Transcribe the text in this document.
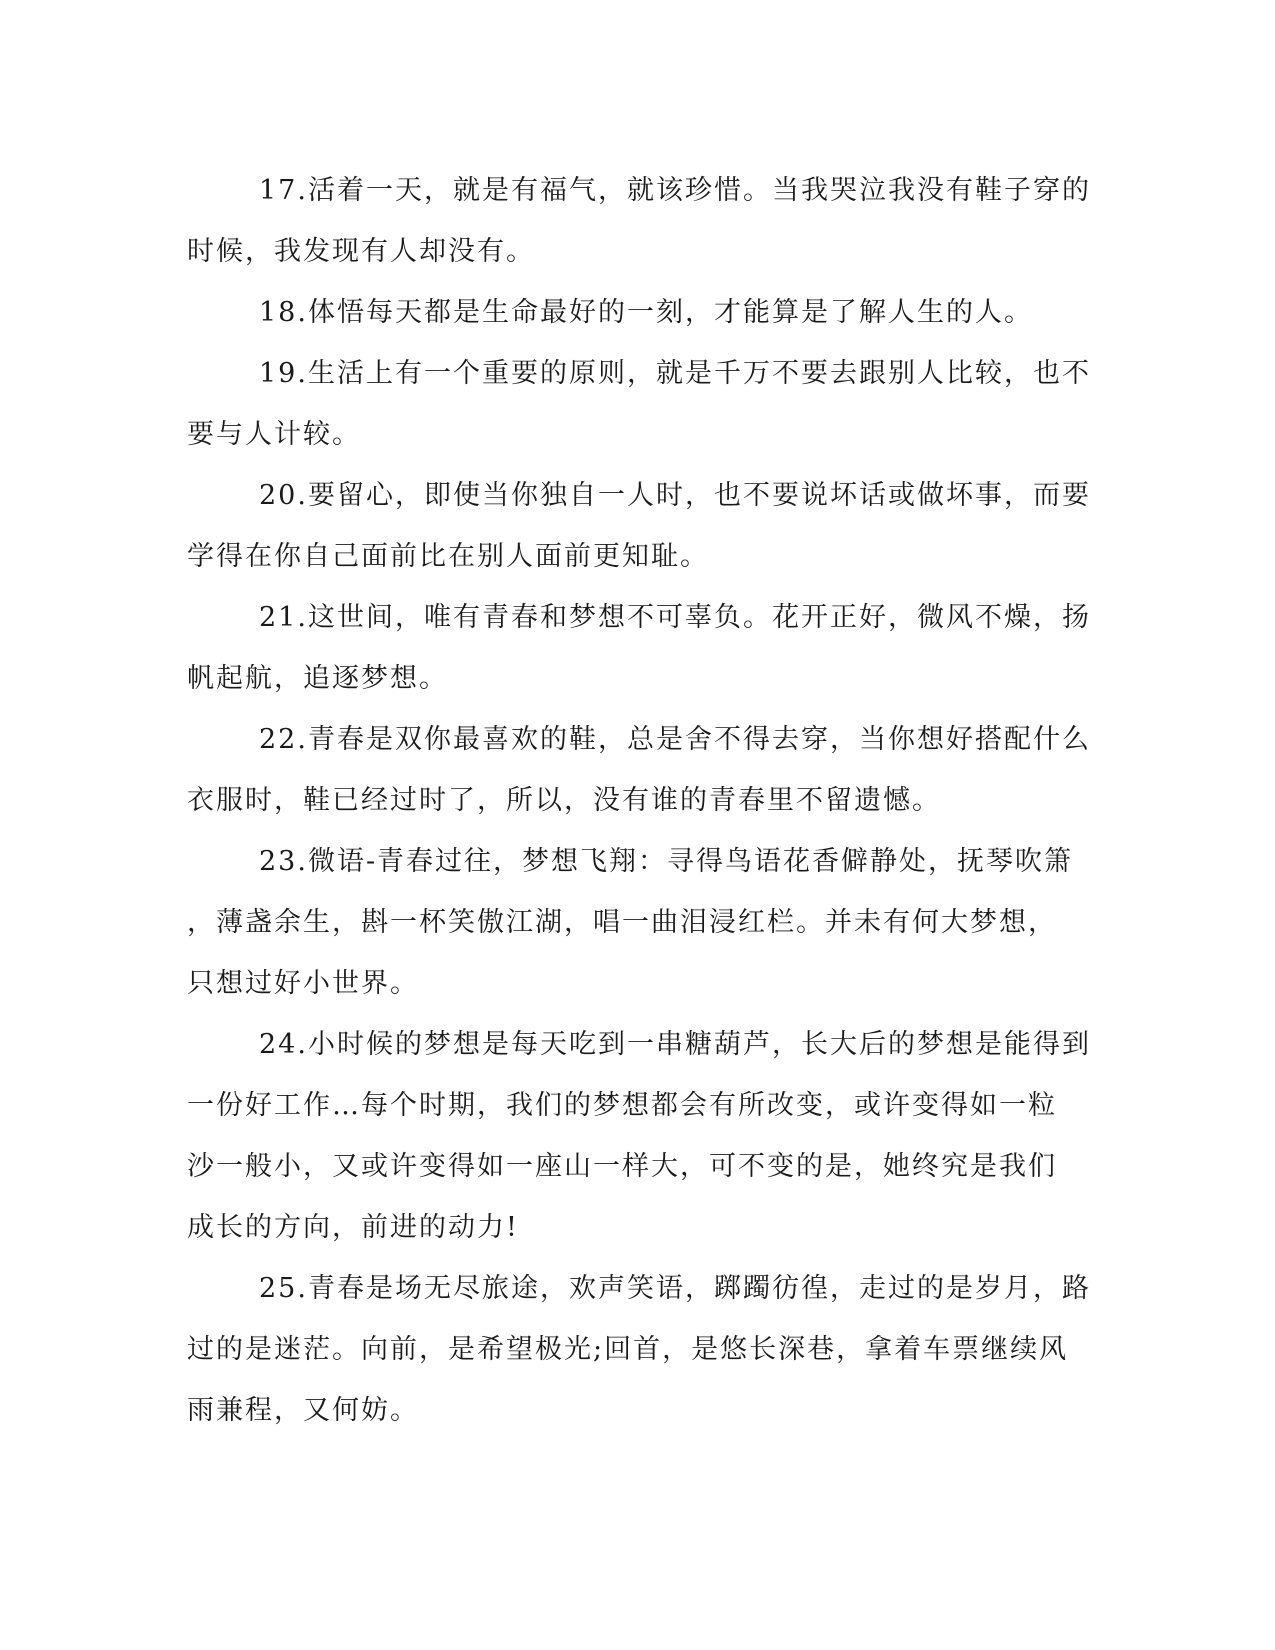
17.活着一天，就是有福气，就该珍惜。当我哭泣我没有鞋子穿的
时候，我发现有人却没有。

18.体悟每天都是生命最好的一刻，才能算是了解人生的人。

19.生活上有一个重要的原则，就是千万不要去跟别人比较，也不
要与人计较。

20.要留心，即使当你独自一人时，也不要说坏话或做坏事，而要
学得在你自己面前比在别人面前更知耻。

21.这世间，唯有青春和梦想不可辜负。花开正好，微风不燥，扬
帆起航，追逐梦想。

22.青春是双你最喜欢的鞋，总是舍不得去穿，当你想好搭配什么
衣服时，鞋已经过时了，所以，没有谁的青春里不留遗憾。

23.微语-青春过往，梦想飞翔：寻得鸟语花香僻静处，抚琴吹箫
，薄盏余生，斟一杯笑傲江湖，唱一曲泪浸红栏。并未有何大梦想，
只想过好小世界。

24.小时候的梦想是每天吃到一串糖葫芦，长大后的梦想是能得到
一份好工作…每个时期，我们的梦想都会有所改变，或许变得如一粒
沙一般小，又或许变得如一座山一样大，可不变的是，她终究是我们
成长的方向，前进的动力!

25.青春是场无尽旅途，欢声笑语，踯躅彷徨，走过的是岁月，路
过的是迷茫。向前，是希望极光;回首，是悠长深巷，拿着车票继续风
雨兼程，又何妨。
